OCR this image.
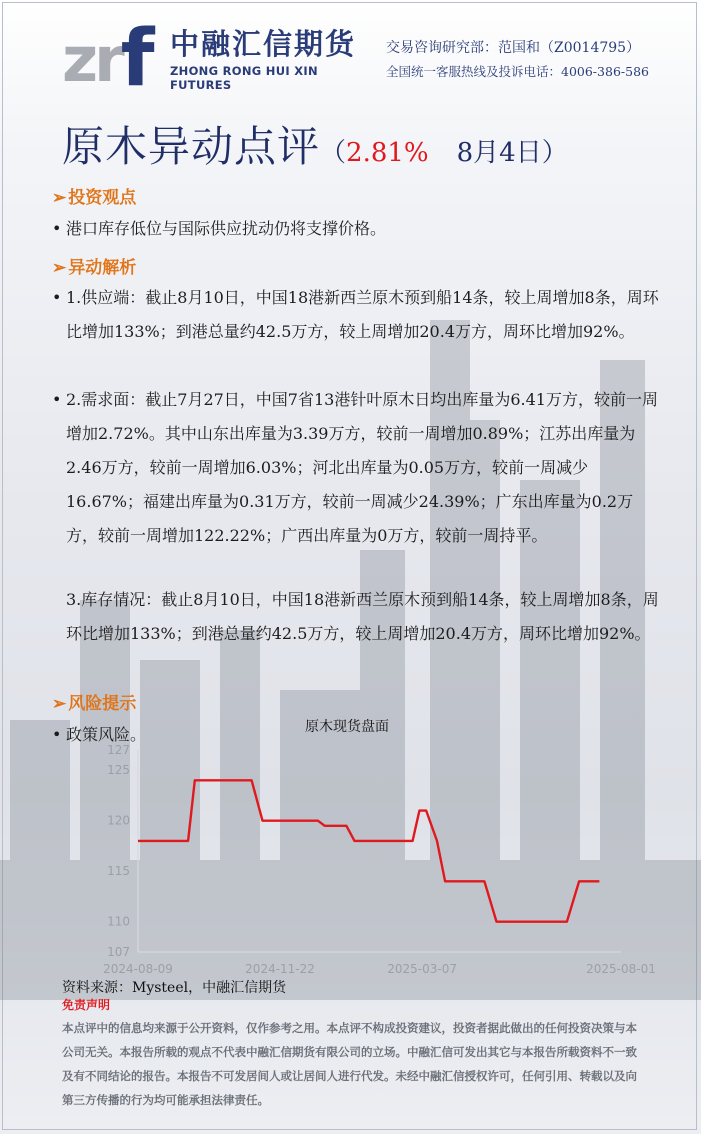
zrf 中融汇信期货
ZHONG RONG HUI XIN FUTURES
交易咨询研究部：范国和（Z0014795）
全国统一客服热线及投诉电话：4006-386-586
原木异动点评（2.81% 8月4日）
➢ 投资观点
• 港口库存低位与国际供应扰动仍将支撑价格。
➢ 异动解析
• 1.供应端：截止8月10日，中国18港新西兰原木预到船14条，较上周增加8条，周环比增加133%；到港总量约42.5万方，较上周增加20.4万方，周环比增加92%。
• 2.需求面：截止7月27日，中国7省13港针叶原木日均出库量为6.41万方，较前一周增加2.72%。其中山东出库量为3.39万方，较前一周增加0.89%；江苏出库量为2.46万方，较前一周增加6.03%；河北出库量为0.05万方，较前一周减少16.67%；福建出库量为0.31万方，较前一周减少24.39%；广东出库量为0.2万方，较前一周增加122.22%；广西出库量为0万方，较前一周持平。
3.库存情况：截止8月10日，中国18港新西兰原木预到船14条，较上周增加8条，周环比增加133%；到港总量约42.5万方，较上周增加20.4万方，周环比增加92%。
➢ 风险提示
• 政策风险。	原木现货盘面
107
110
115
120
125
127
2024-08-09	2024-11-22	2025-03-07	2025-08-01
资料来源：Mysteel，中融汇信期货
免责声明
本点评中的信息均来源于公开资料，仅作参考之用。本点评不构成投资建议，投资者据此做出的任何投资决策与本公司无关。本报告所载的观点不代表中融汇信期货有限公司的立场。中融汇信可发出其它与本报告所载资料不一致及有不同结论的报告。本报告不可发居间人或让居间人进行代发。未经中融汇信授权许可，任何引用、转载以及向第三方传播的行为均可能承担法律责任。
